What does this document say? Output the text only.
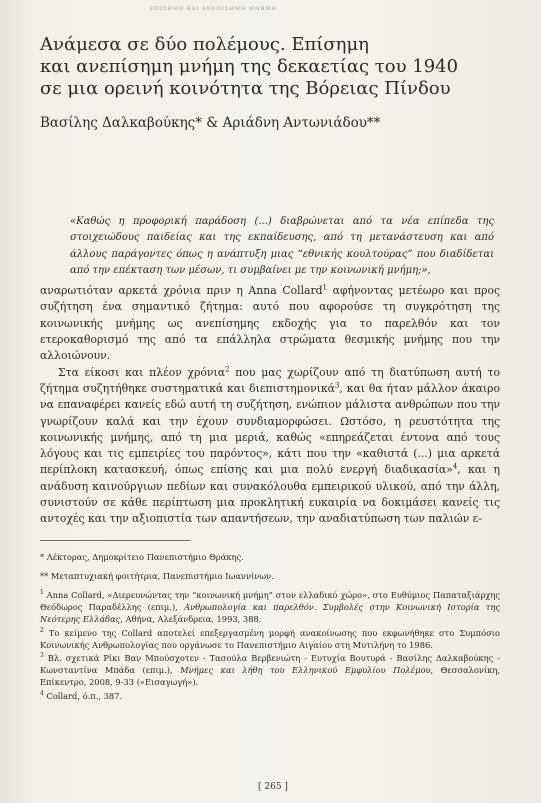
ΕΠΙΣΗΜΗ ΚΑΙ ΑΝΕΠΙΣΗΜΗ ΜΝΗΜΗ

Ανάμεσα σε δύο πολέμους. Επίσημη
και ανεπίσημη μνήμη της δεκαετίας του 1940
σε μια ορεινή κοινότητα της Βόρειας Πίνδου
Βασίλης Δαλκαβούκης* & Αριάδνη Αντωνιάδου**
«Καθώς η προφορική παράδοση (...) διαβρώνεται από τα νέα επίπεδα της στοιχειώδους παιδείας και της εκπαίδευσης, από τη μετανάστευση και από άλλους παράγοντες όπως η ανάπτυξη μιας “εθνικής κουλτούρας” που διαδίδεται από την επέκταση των μέσων, τι συμβαίνει με την κοινωνική μνήμη;»,

αναρωτιόταν αρκετά χρόνια πριν η Anna Collard$^1$ αφήνοντας μετέωρο και προς συζήτηση ένα σημαντικό ζήτημα: αυτό που αφορούσε τη συγκρότηση της κοινωνικής μνήμης ως ανεπίσημης εκδοχής για το παρελθόν και τον ετεροκαθορισμό της από τα επάλληλα στρώματα θεσμικής μνήμης που την αλλοιώνουν.

Στα είκοσι και πλέον χρόνια$^2$ που μας χωρίζουν από τη διατύπωση αυτή το ζήτημα συζητήθηκε συστηματικά και διεπιστημονικά$^3$, και θα ήταν μάλλον άκαιρο να επαναφέρει κανείς εδώ αυτή τη συζήτηση, ενώπιον μάλιστα ανθρώπων που την γνωρίζουν καλά και την έχουν συνδιαμορφώσει. Ωστόσο, η ρευστότητα της κοινωνικής μνήμης, από τη μια μεριά, καθώς «επηρεάζεται έντονα από τους λόγους και τις εμπειρίες του παρόντος», κάτι που την «καθιστά (...) μια αρκετά περίπλοκη κατασκευή, όπως επίσης και μια πολύ ενεργή διαδικασία»$^4$, και η ανάδυση καινούργιων πεδίων και συνακόλουθα εμπειρικού υλικού, από την άλλη, συνιστούν σε κάθε περίπτωση μια προκλητική ευκαιρία να δοκιμάσει κανείς τις αντοχές και την αξιοπιστία των απαντήσεων, την αναδιατύπωση των παλιών ε-

* Λέκτορας, Δημοκρίτειο Πανεπιστήμιο Θράκης.
** Μεταπτυχιακή φοιτήτρια, Πανεπιστήμιο Ιωαννίνων.
$^1$ Anna Collard, «Διερευνώντας την “κοινωνική μνήμη” στον ελλαδικό χώρο», στο Ευθύμιος Παπαταξιάρχης Θεόδωρος Παραδέλλης (επιμ.), Ανθρωπολογία και παρελθόν. Συμβολές στην Κοινωνική Ιστορία της Νεότερης Ελλάδας, Αθήνα, Αλεξάνδρεια, 1993, 388.
$^2$ Το κείμενο της Collard αποτελεί επεξεργασμένη μορφή ανακοίνωσης που εκφωνήθηκε στο Συμπόσιο Κοινωνικής Ανθρωπολογίας που οργάνωσε το Πανεπιστήμιο Αιγαίου στη Μυτιλήνη το 1986.
$^3$ Βλ. σχετικά Ρίκι Βαν Μπούσχοτεν - Τασούλα Βερβενιώτη - Ευτυχία Βουτυρά - Βασίλης Δαλκαβούκης - Κωνσταντίνα Μπάδα (επιμ.), Μνήμες και λήθη του Ελληνικού Εμφυλίου Πολέμου, Θεσσαλονίκη, Επίκεντρο, 2008, 9-33 («Εισαγωγή»).
$^4$ Collard, ό.π., 387.
[ 265 ]
